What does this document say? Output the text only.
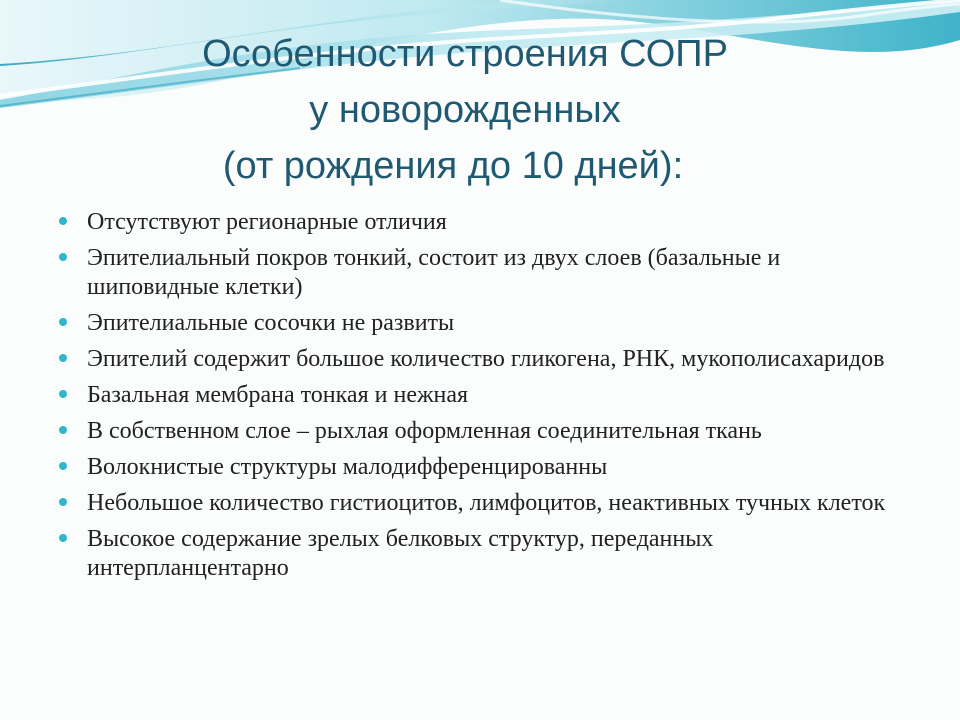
Особенности строения СОПР
у новорожденных
(от рождения до 10 дней):
Отсутствуют регионарные отличия
Эпителиальный покров тонкий, состоит из двух слоев (базальные и шиповидные клетки)
Эпителиальные сосочки не развиты
Эпителий содержит большое количество гликогена, РНК, мукополисахаридов
Базальная мембрана тонкая и нежная
В собственном слое – рыхлая оформленная соединительная ткань
Волокнистые структуры малодифференцированны
Небольшое количество гистиоцитов, лимфоцитов, неактивных тучных клеток
Высокое содержание зрелых белковых структур, переданных интерпланцентарно
